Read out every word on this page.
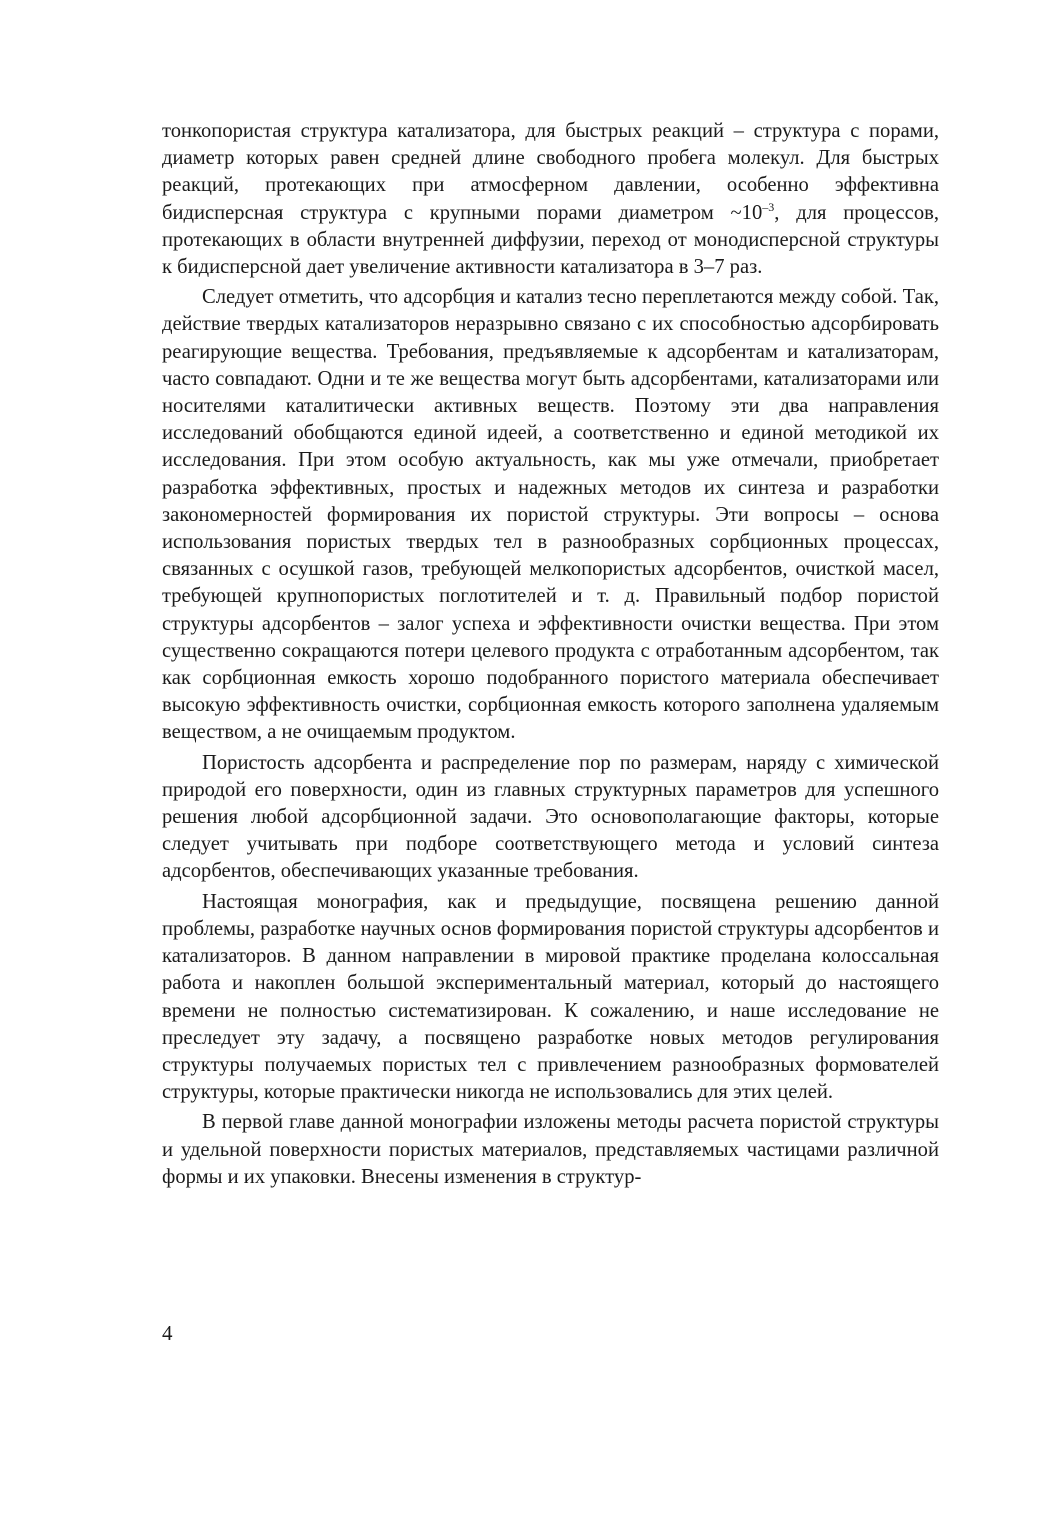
тонкопористая структура катализатора, для быстрых реакций – структура с порами, диаметр которых равен средней длине свободного пробега молекул. Для быстрых реакций, протекающих при атмосферном давлении, особенно эффективна бидисперсная структура с крупными порами диаметром $\sim 10^{-3}$, для процессов, протекающих в области внутренней диффузии, переход от монодисперсной структуры к бидисперсной дает увеличение активности катализатора в 3–7 раз.

Следует отметить, что адсорбция и катализ тесно переплетаются между собой. Так, действие твердых катализаторов неразрывно связано с их способностью адсорбировать реагирующие вещества. Требования, предъявляемые к адсорбентам и катализаторам, часто совпадают. Одни и те же вещества могут быть адсорбентами, катализаторами или носителями каталитически активных веществ. Поэтому эти два направления исследований обобщаются единой идеей, а соответственно и единой методикой их исследования. При этом особую актуальность, как мы уже отмечали, приобретает разработка эффективных, простых и надежных методов их синтеза и разработки закономерностей формирования их пористой структуры. Эти вопросы – основа использования пористых твердых тел в разнообразных сорбционных процессах, связанных с осушкой газов, требующей мелкопористых адсорбентов, очисткой масел, требующей крупнопористых поглотителей и т. д. Правильный подбор пористой структуры адсорбентов – залог успеха и эффективности очистки вещества. При этом существенно сокращаются потери целевого продукта с отработанным адсорбентом, так как сорбционная емкость хорошо подобранного пористого материала обеспечивает высокую эффективность очистки, сорбционная емкость которого заполнена удаляемым веществом, а не очищаемым продуктом.

Пористость адсорбента и распределение пор по размерам, наряду с химической природой его поверхности, один из главных структурных параметров для успешного решения любой адсорбционной задачи. Это основополагающие факторы, которые следует учитывать при подборе соответствующего метода и условий синтеза адсорбентов, обеспечивающих указанные требования.

Настоящая монография, как и предыдущие, посвящена решению данной проблемы, разработке научных основ формирования пористой структуры адсорбентов и катализаторов. В данном направлении в мировой практике проделана колоссальная работа и накоплен большой экспериментальный материал, который до настоящего времени не полностью систематизирован. К сожалению, и наше исследование не преследует эту задачу, а посвящено разработке новых методов регулирования структуры получаемых пористых тел с привлечением разнообразных формователей структуры, которые практически никогда не использовались для этих целей.

В первой главе данной монографии изложены методы расчета пористой структуры и удельной поверхности пористых материалов, представляемых частицами различной формы и их упаковки. Внесены изменения в структур-

4
